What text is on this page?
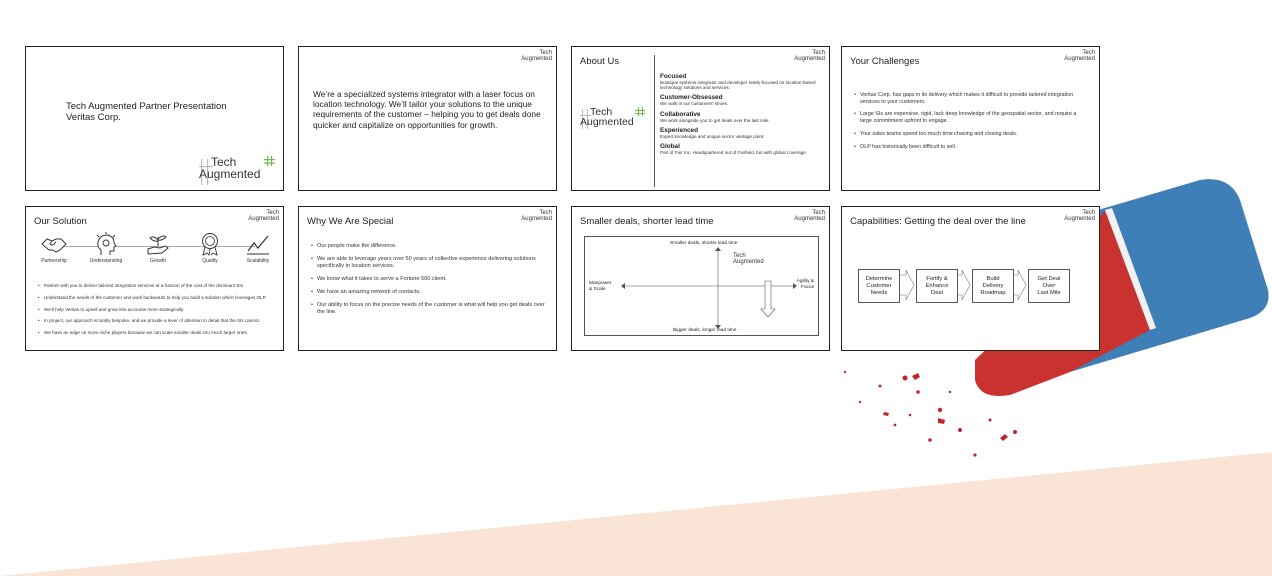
Tech Augmented Partner Presentation
Veritas Corp.
Tech
Augmented
Tech
Augmented
We’re a specialized systems integrator with a laser focus on location technology. We’ll tailor your solutions to the unique requirements of the customer – helping you to get deals done quicker and capitalize on opportunities for growth.
About Us
Tech
Augmented
Tech
Augmented
Focused
Boutique systems integrator and developer solely-focused on location-based technology solutions and services.
Customer-Obsessed
We walk in our customers’ shoes.
Collaborative
We work alongside you to get deals over the last mile.
Experienced
Expert knowledge and unique sector vantage point.
Global
Part of Fair Inc. Headquartered out of Fairfield, but with global coverage.
Your Challenges
Tech
Augmented
• Veritas Corp. has gaps in its delivery which makes it difficult to provide tailored integration services to your customers.
• Large SIs are expensive, rigid, lack deep knowledge of the geospatial sector, and require a large commitment upfront to engage.
• Your sales teams spend too much time chasing and closing deals.
• OLP has historically been difficult to sell.
Our Solution
Tech
Augmented
Partnership	Understanding	Growth	Quality	Scalability
• Partner with you to deliver tailored integration services at a fraction of the cost of the dominant SIs.
• Understand the needs of the customer and work backwards to help you build a solution which leverages OLP.
• We’ll help Veritas to upsell and grow into accounts more strategically.
• In project, our approach is totally bespoke, and we provide a lever of attention to detail that the SIs cannot.
• We have an edge on more niche players because we can scale smaller deals into much larger ones.
Why We Are Special
Tech
Augmented
• Our people make the difference.
• We are able to leverage years over 50 years of collective experience delivering solutions specifically in location services.
• We know what it takes to serve a Fortune 500 client.
• We have an amazing network of contacts.
• Our ability to focus on the precise needs of the customer is what will help you get deals over the line.
Smaller deals, shorter lead time
Tech
Augmented
Smaller deals, shorter lead time
Bigger deals, longer lead time
Manpower
& Scale
Agility &
Focus
Tech
Augmented
Capabilities: Getting the deal over the line
Tech
Augmented
Determine
Customer
Needs
Fortify &
Enhance
Deal
Build
Delivery
Roadmap
Get Deal
Over
Last Mile
